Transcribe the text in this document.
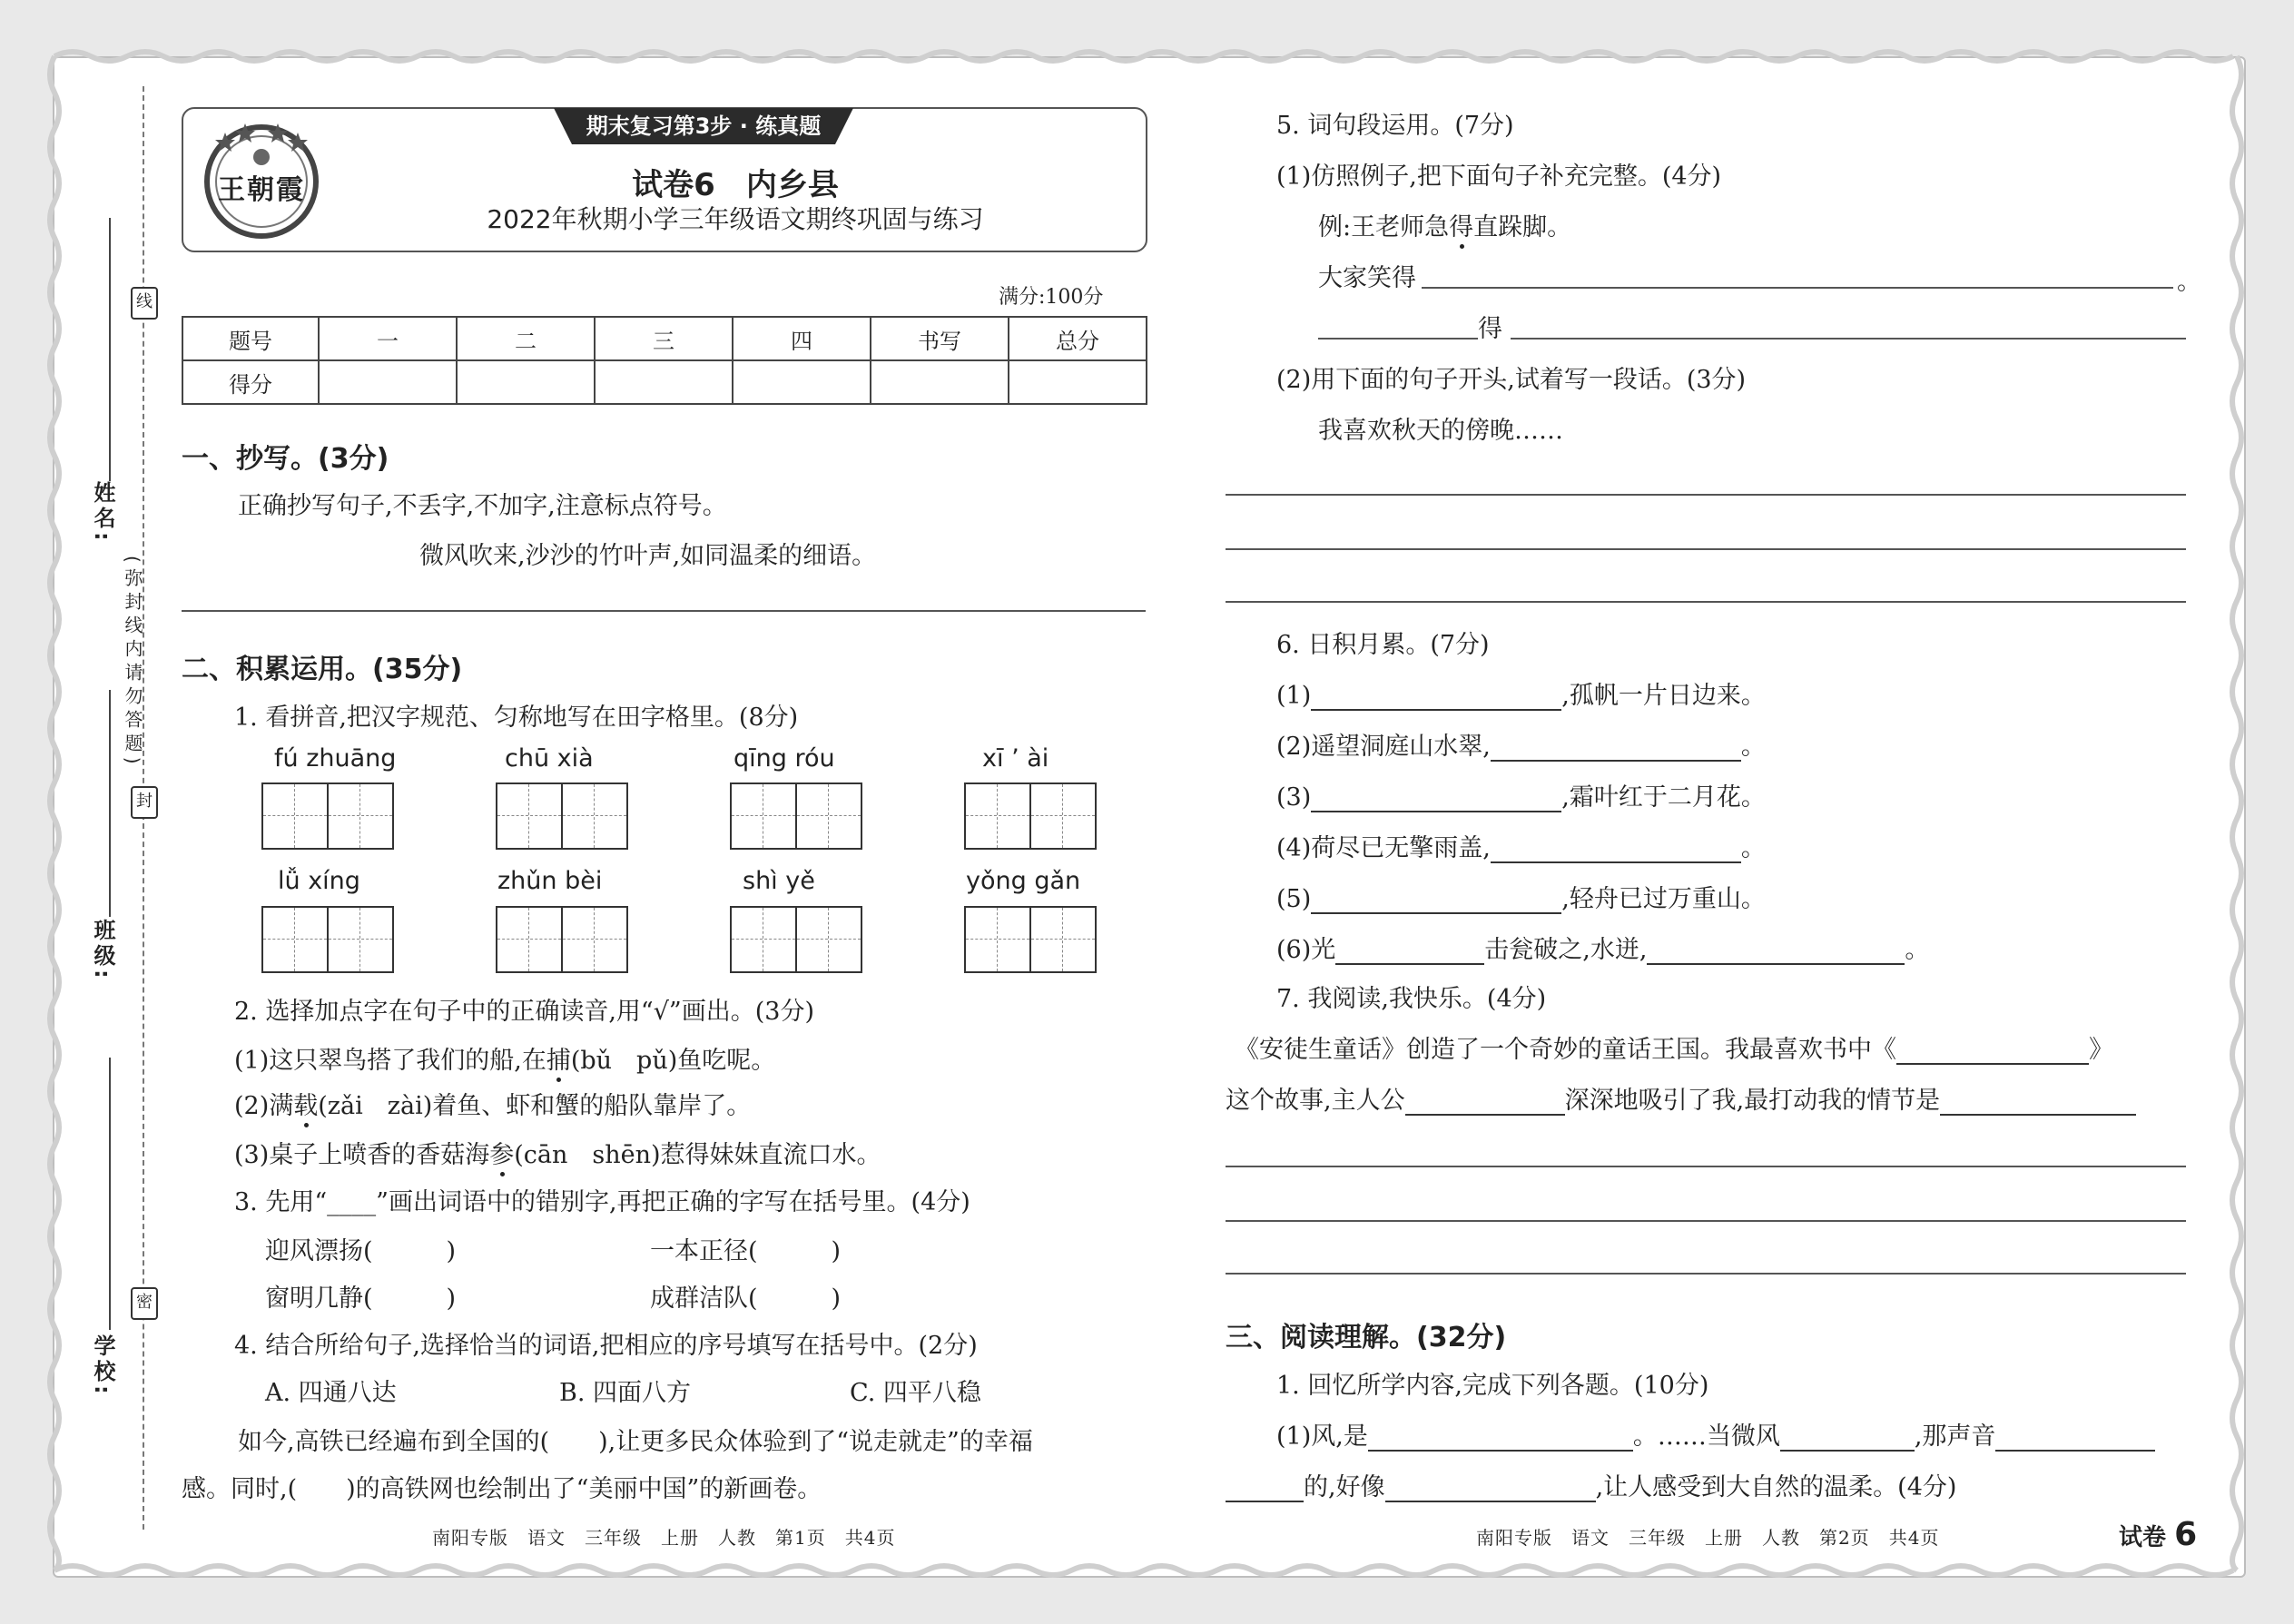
线
封
密
(弥封线内请勿答题)
姓名:
班级:
学校:
期末复习第3步 · 练真题
王朝霞	试卷6　内乡县
2022年秋期小学三年级语文期终巩固与练习
满分:100分
题号	一	二	三	四	书写	总分
得分						
一、抄写。(3分)
正确抄写句子,不丢字,不加字,注意标点符号。
微风吹来,沙沙的竹叶声,如同温柔的细语。
二、积累运用。(35分)
1. 看拼音,把汉字规范、匀称地写在田字格里。(8分)
fú zhuāng	chū xià	qīng róu	xī ’ ài
lǚ xíng	zhǔn bèi	shì yě	yǒng gǎn
2. 选择加点字在句子中的正确读音,用“√”画出。(3分)
(1)这只翠鸟搭了我们的船,在捕(bǔ　pǔ)鱼吃呢。
(2)满载(zǎi　zài)着鱼、虾和蟹的船队靠岸了。
(3)桌子上喷香的香菇海参(cān　shēn)惹得妹妹直流口水。
3. 先用“____”画出词语中的错别字,再把正确的字写在括号里。(4分)
迎风漂扬(　　　)	一本正径(　　　)
窗明几静(　　　)	成群洁队(　　　)
4. 结合所给句子,选择恰当的词语,把相应的序号填写在括号中。(2分)
A. 四通八达	B. 四面八方	C. 四平八稳
如今,高铁已经遍布到全国的(　　),让更多民众体验到了“说走就走”的幸福
感。同时,(　　)的高铁网也绘制出了“美丽中国”的新画卷。
南阳专版　语文　三年级　上册　人教　第1页　共4页
5. 词句段运用。(7分)
(1)仿照例子,把下面句子补充完整。(4分)
例:王老师急得直跺脚。
大家笑得	。
得
(2)用下面的句子开头,试着写一段话。(3分)
我喜欢秋天的傍晚……
6. 日积月累。(7分)
(1)	,孤帆一片日边来。
(2)遥望洞庭山水翠,	。
(3)	,霜叶红于二月花。
(4)荷尽已无擎雨盖,	。
(5)	,轻舟已过万重山。
(6)光	击瓮破之,水迸,	。
7. 我阅读,我快乐。(4分)
《安徒生童话》创造了一个奇妙的童话王国。我最喜欢书中《	》
这个故事,主人公	深深地吸引了我,最打动我的情节是
三、阅读理解。(32分)
1. 回忆所学内容,完成下列各题。(10分)
(1)风,是	。……当微风	,那声音
的,好像	,让人感受到大自然的温柔。(4分)
南阳专版　语文　三年级　上册　人教　第2页　共4页	试卷 6
